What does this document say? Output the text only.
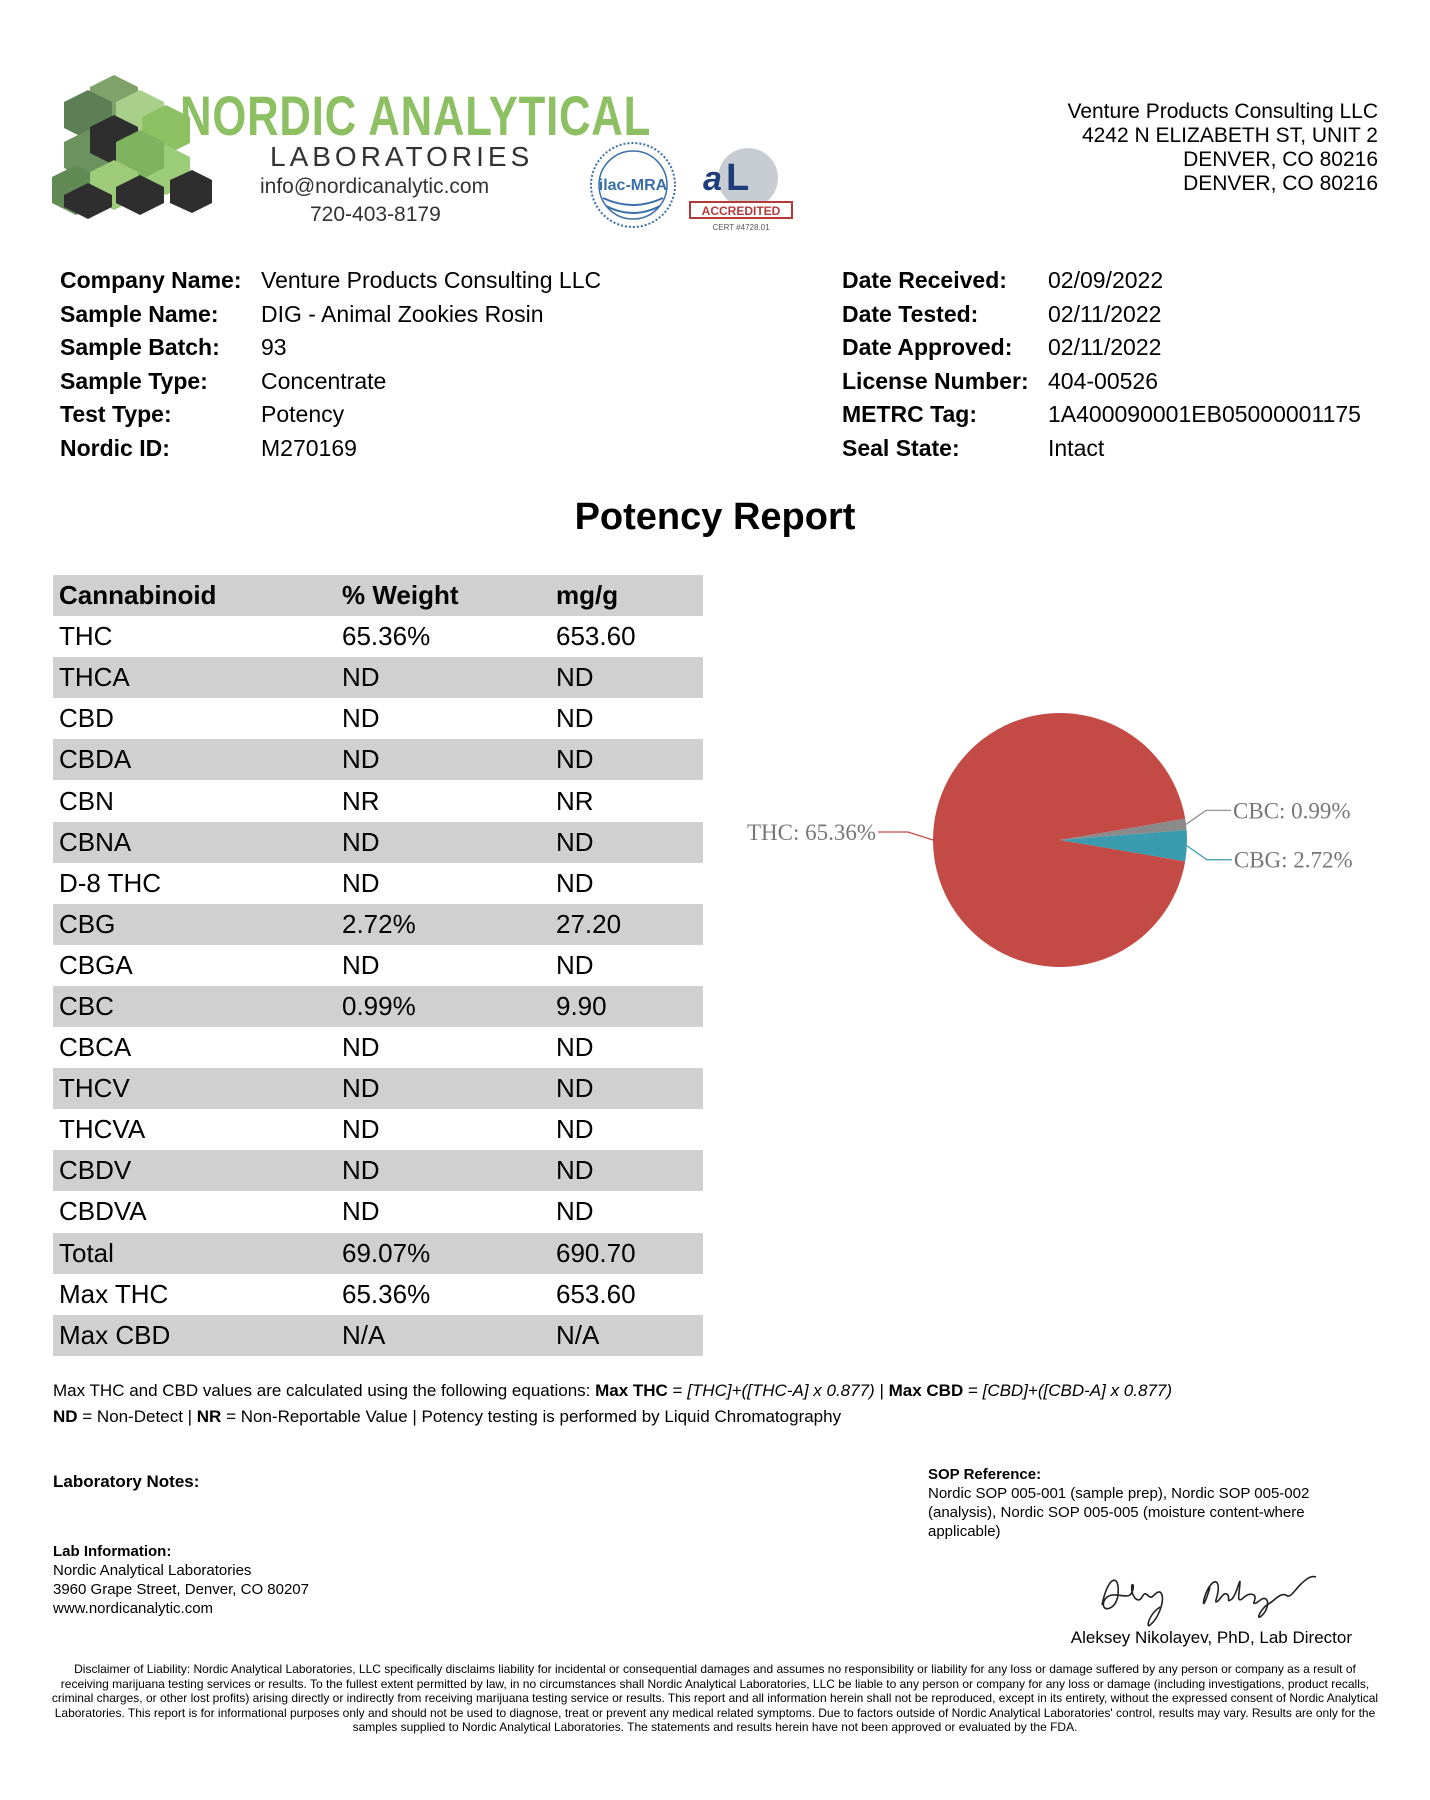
NORDIC ANALYTICAL
LABORATORIES
info@nordicanalytic.com
720-403-8179
ilac-MRA a L
ACCREDITED
CERT #4728.01
Venture Products Consulting LLC
4242 N ELIZABETH ST, UNIT 2
DENVER, CO 80216
DENVER, CO 80216
Company Name: Venture Products Consulting LLC
Sample Name:	DIG - Animal Zookies Rosin
Sample Batch:	93
Sample Type:	Concentrate
Test Type:	Potency
Nordic ID:	M270169
Date Received:	02/09/2022
Date Tested:	02/11/2022
Date Approved:	02/11/2022
License Number: 404-00526
METRC Tag:	1A400090001EB05000001175
Seal State:	Intact
Potency Report
Cannabinoid	% Weight	mg/g
THC	65.36%	653.60
THCA	ND	ND
CBD	ND	ND
CBDA	ND	ND
CBN	NR	NR
CBNA	ND	ND
D-8 THC	ND	ND
CBG	2.72%	27.20
CBGA	ND	ND
CBC	0.99%	9.90
CBCA	ND	ND
THCV	ND	ND
THCVA	ND	ND
CBDV	ND	ND
CBDVA	ND	ND
Total	69.07%	690.70
Max THC	65.36%	653.60
Max CBD	N/A	N/A
THC: 65.36%
CBC: 0.99%
CBG: 2.72%
Max THC and CBD values are calculated using the following equations: Max THC = [THC]+([THC-A] x 0.877) | Max CBD = [CBD]+([CBD-A] x 0.877)
ND = Non-Detect | NR = Non-Reportable Value | Potency testing is performed by Liquid Chromatography
Laboratory Notes:
Lab Information:
Nordic Analytical Laboratories
3960 Grape Street, Denver, CO 80207
www.nordicanalytic.com
SOP Reference:
Nordic SOP 005-001 (sample prep), Nordic SOP 005-002 (analysis), Nordic SOP 005-005 (moisture content-where applicable)
Aleksey Nikolayev, PhD, Lab Director
Disclaimer of Liability: Nordic Analytical Laboratories, LLC specifically disclaims liability for incidental or consequential damages and assumes no responsibility or liability for any loss or damage suffered by any person or company as a result of receiving marijuana testing services or results. To the fullest extent permitted by law, in no circumstances shall Nordic Analytical Laboratories, LLC be liable to any person or company for any loss or damage (including investigations, product recalls, criminal charges, or other lost profits) arising directly or indirectly from receiving marijuana testing service or results. This report and all information herein shall not be reproduced, except in its entirety, without the expressed consent of Nordic Analytical Laboratories. This report is for informational purposes only and should not be used to diagnose, treat or prevent any medical related symptoms. Due to factors outside of Nordic Analytical Laboratories' control, results may vary. Results are only for the samples supplied to Nordic Analytical Laboratories. The statements and results herein have not been approved or evaluated by the FDA.
